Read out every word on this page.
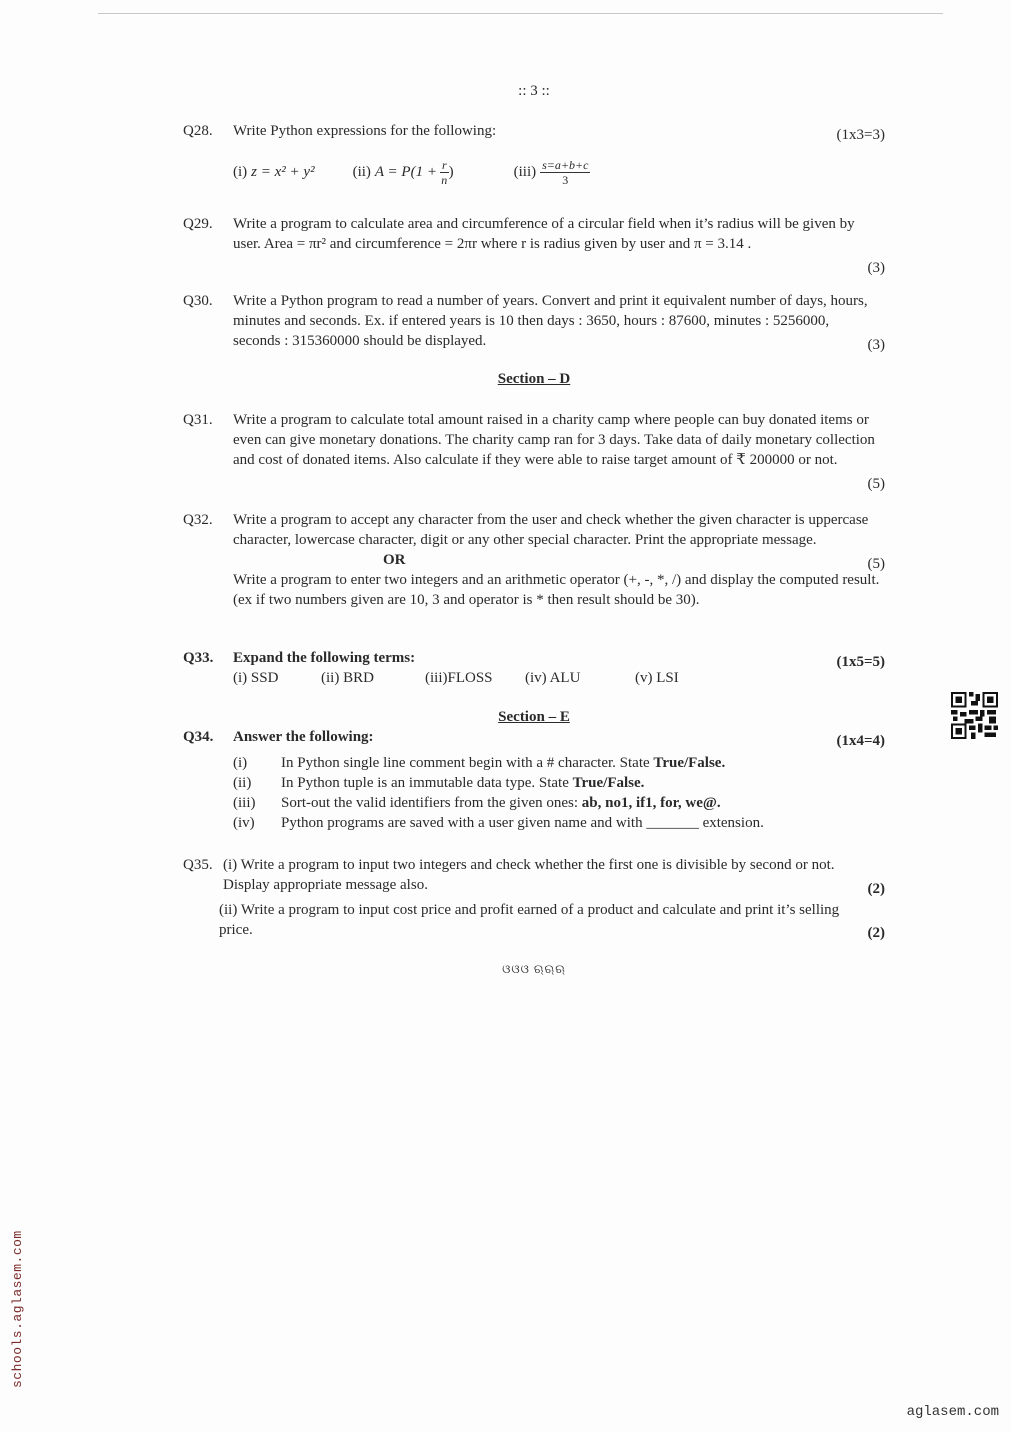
:: 3 ::
Q28. Write Python expressions for the following:	(1x3=3)
(i) z = x² + y²	(ii) $A = P(1 + \frac{r}{n}$ )	$(iii) \frac{s=a+b+c}{3}$
Q29. Write a program to calculate area and circumference of a circular field when it’s radius will be given by user. Area = πr² and circumference = 2πr where r is radius given by user and π = 3.14 .
(3)
Q30. Write a Python program to read a number of years. Convert and print it equivalent number of days, hours, minutes and seconds. Ex. if entered years is 10 then days : 3650, hours : 87600, minutes : 5256000, seconds : 315360000 should be displayed.	(3)
Section – D
Q31. Write a program to calculate total amount raised in a charity camp where people can buy donated items or even can give monetary donations. The charity camp ran for 3 days. Take data of daily monetary collection and cost of donated items. Also calculate if they were able to raise target amount of ₹ 200000 or not.
(5)
Q32. Write a program to accept any character from the user and check whether the given character is uppercase character, lowercase character, digit or any other special character. Print the appropriate message.
(5)
OR
Write a program to enter two integers and an arithmetic operator (+, -, *, /) and display the computed result. (ex if two numbers given are 10, 3 and operator is * then result should be 30).
Q33. Expand the following terms:	(1x5=5)
(i) SSD	(ii) BRD	(iii)FLOSS (iv) ALU	(v) LSI
Section – E
Q34. Answer the following:	(1x4=4)
(i)	In Python single line comment begin with a # character. State True/False.
(ii)	In Python tuple is an immutable data type. State True/False.
(iii)	Sort-out the valid identifiers from the given ones: ab, no1, if1, for, we@.
(iv)	Python programs are saved with a user given name and with _______ extension.
Q35. (i) Write a program to input two integers and check whether the first one is divisible by second or not. Display appropriate message also.	(2)
(ii) Write a program to input cost price and profit earned of a product and calculate and print it’s selling price.	(2)
ଓଓଓ ଋଋଋ
schools.aglasem.com
aglasem.com
